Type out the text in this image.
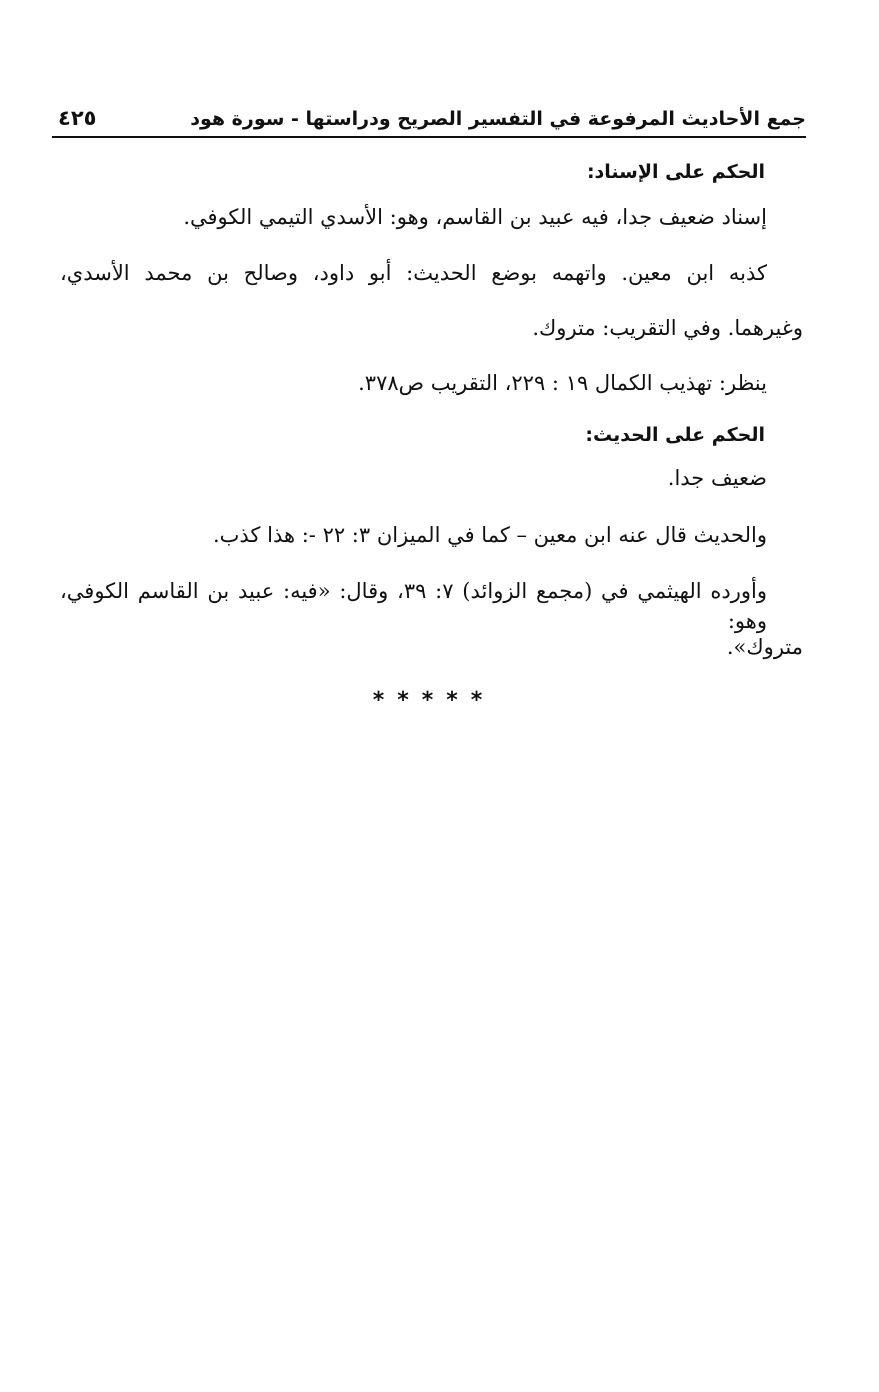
جمع الأحاديث المرفوعة في التفسير الصريح ودراستها - سورة هود
٤٢٥
الحكم على الإسناد:
إسناد ضعيف جدا، فيه عبيد بن القاسم، وهو: الأسدي التيمي الكوفي.
كذبه ابن معين. واتهمه بوضع الحديث: أبو داود، وصالح بن محمد الأسدي،
وغيرهما. وفي التقريب: متروك.
ينظر: تهذيب الكمال ١٩ : ٢٢٩، التقريب ص٣٧٨.
الحكم على الحديث:
ضعيف جدا.
والحديث قال عنه ابن معين – كما في الميزان ٣: ٢٢ -: هذا كذب.
وأورده الهيثمي في (مجمع الزوائد) ٧: ٣٩، وقال: «فيه: عبيد بن القاسم الكوفي، وهو:
متروك».
*****
